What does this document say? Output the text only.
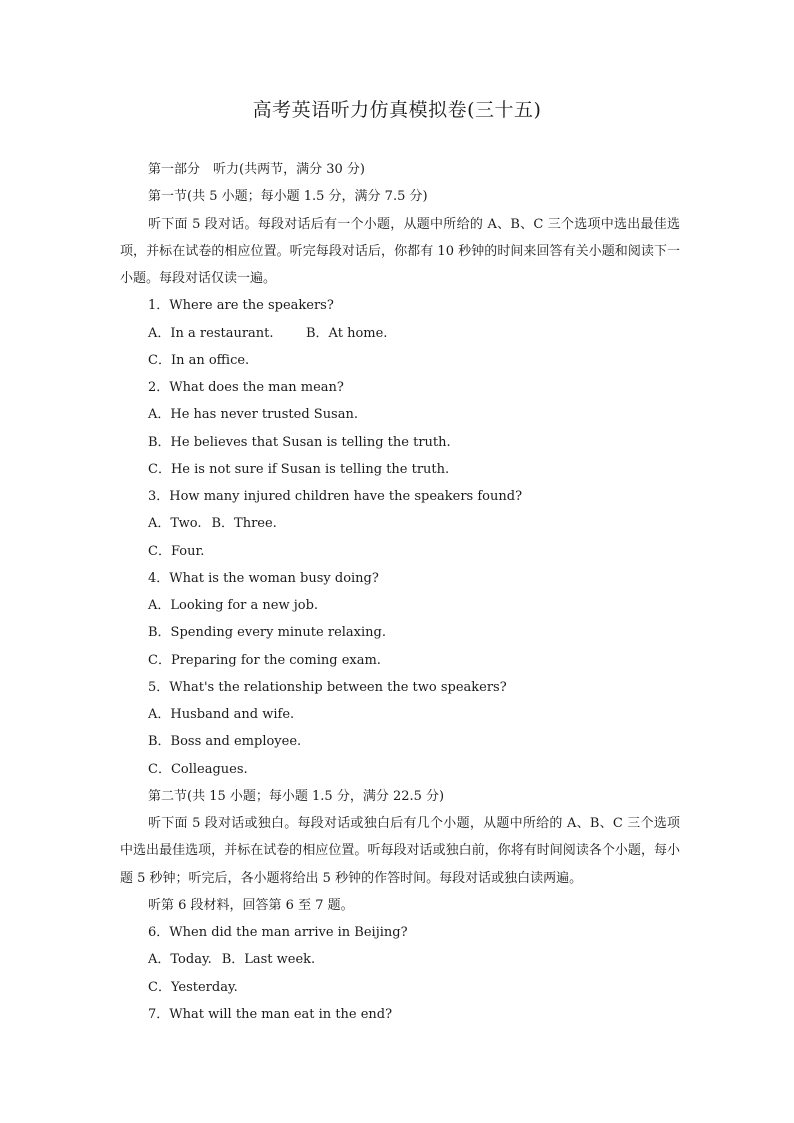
高考英语听力仿真模拟卷(三十五)
第一部分　听力(共两节，满分 30 分)
第一节(共 5 小题；每小题 1.5 分，满分 7.5 分)
听下面 5 段对话。每段对话后有一个小题，从题中所给的 A、B、C 三个选项中选出最佳选项，并标在试卷的相应位置。听完每段对话后，你都有 10 秒钟的时间来回答有关小题和阅读下一小题。每段对话仅读一遍。
1．Where are the speakers?
A．In a restaurant. B．At home.
C．In an office.
2．What does the man mean?
A．He has never trusted Susan.
B．He believes that Susan is telling the truth.
C．He is not sure if Susan is telling the truth.
3．How many injured children have the speakers found?
A．Two. B．Three.
C．Four.
4．What is the woman busy doing?
A．Looking for a new job.
B．Spending every minute relaxing.
C．Preparing for the coming exam.
5．What's the relationship between the two speakers?
A．Husband and wife.
B．Boss and employee.
C．Colleagues.
第二节(共 15 小题；每小题 1.5 分，满分 22.5 分)
听下面 5 段对话或独白。每段对话或独白后有几个小题，从题中所给的 A、B、C 三个选项中选出最佳选项，并标在试卷的相应位置。听每段对话或独白前，你将有时间阅读各个小题，每小题 5 秒钟；听完后，各小题将给出 5 秒钟的作答时间。每段对话或独白读两遍。
听第 6 段材料，回答第 6 至 7 题。
6．When did the man arrive in Beijing?
A．Today. B．Last week.
C．Yesterday.
7．What will the man eat in the end?
